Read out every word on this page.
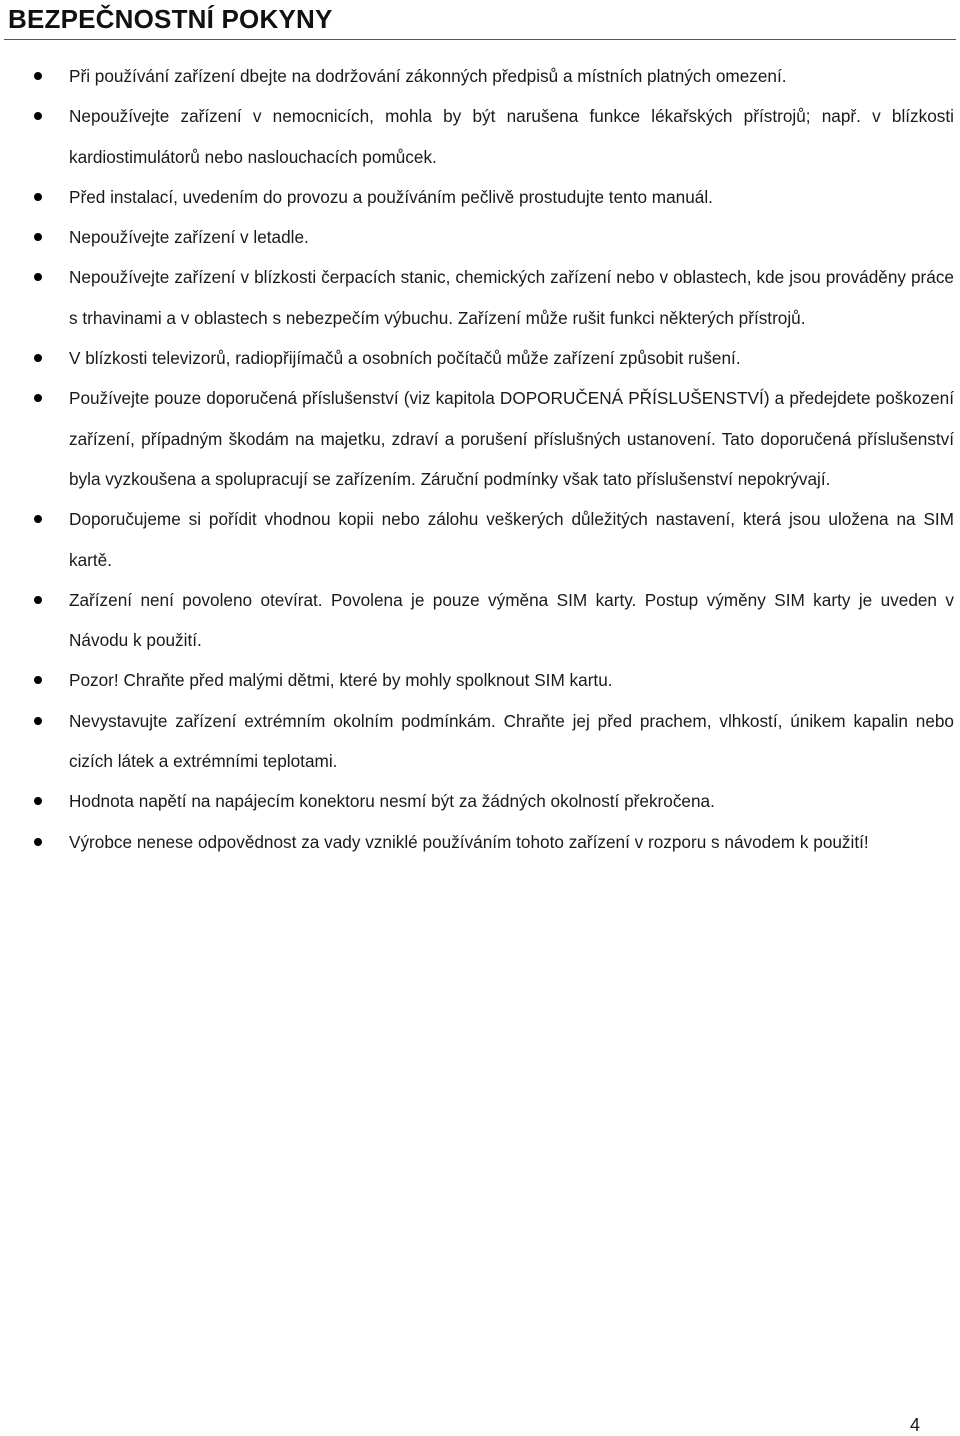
BEZPEČNOSTNÍ POKYNY
Při používání zařízení dbejte na dodržování zákonných předpisů a místních platných omezení.
Nepoužívejte zařízení v nemocnicích, mohla by být narušena funkce lékařských přístrojů; např. v blízkosti kardiostimulátorů nebo naslouchacích pomůcek.
Před instalací, uvedením do provozu a používáním pečlivě prostudujte tento manuál.
Nepoužívejte zařízení v letadle.
Nepoužívejte zařízení v blízkosti čerpacích stanic, chemických zařízení nebo v oblastech, kde jsou prováděny práce s trhavinami a v oblastech s nebezpečím výbuchu. Zařízení může rušit funkci některých přístrojů.
V blízkosti televizorů, radiopřijímačů a osobních počítačů může zařízení způsobit rušení.
Používejte pouze doporučená příslušenství (viz kapitola DOPORUČENÁ PŘÍSLUŠENSTVÍ) a předejdete poškození zařízení, případným škodám na majetku, zdraví a porušení příslušných ustanovení. Tato doporučená příslušenství byla vyzkoušena a spolupracují se zařízením. Záruční podmínky však tato příslušenství nepokrývají.
Doporučujeme si pořídit vhodnou kopii nebo zálohu veškerých důležitých nastavení, která jsou uložena na SIM kartě.
Zařízení není povoleno otevírat. Povolena je pouze výměna SIM karty. Postup výměny SIM karty je uveden v Návodu k použití.
Pozor! Chraňte před malými dětmi, které by mohly spolknout SIM kartu.
Nevystavujte zařízení extrémním okolním podmínkám. Chraňte jej před prachem, vlhkostí, únikem kapalin nebo cizích látek a extrémními teplotami.
Hodnota napětí na napájecím konektoru nesmí být za žádných okolností překročena.
Výrobce nenese odpovědnost za vady vzniklé používáním tohoto zařízení v rozporu s návodem k použití!
4
